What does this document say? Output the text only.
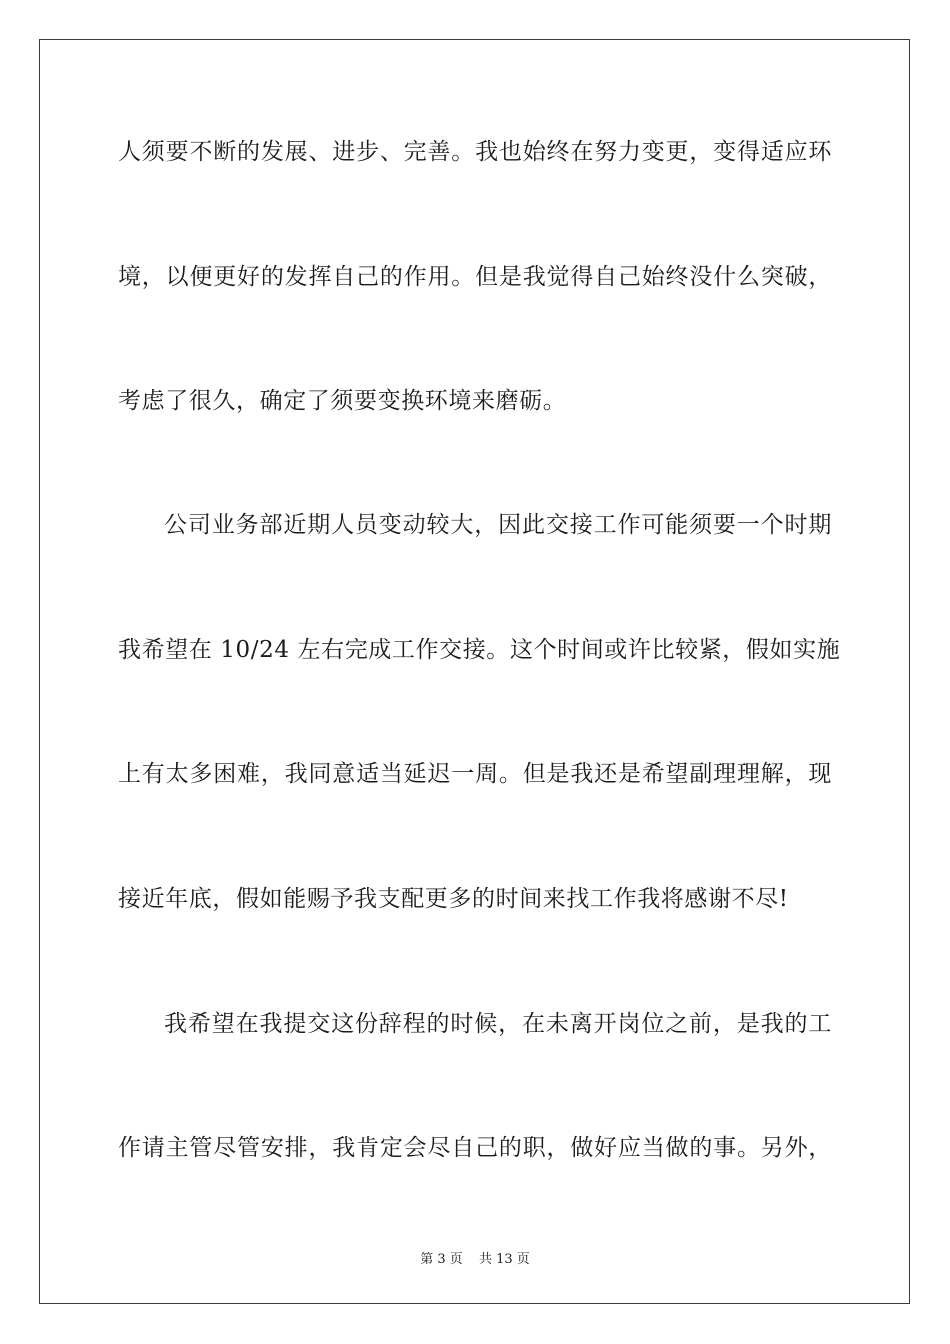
人须要不断的发展、进步、完善。我也始终在努力变更，变得适应环
境，以便更好的发挥自己的作用。但是我觉得自己始终没什么突破，
考虑了很久，确定了须要变换环境来磨砺。
公司业务部近期人员变动较大，因此交接工作可能须要一个时期
我希望在 10/24 左右完成工作交接。这个时间或许比较紧，假如实施
上有太多困难，我同意适当延迟一周。但是我还是希望副理理解，现
接近年底，假如能赐予我支配更多的时间来找工作我将感谢不尽!
我希望在我提交这份辞程的时候，在未离开岗位之前，是我的工
作请主管尽管安排，我肯定会尽自己的职，做好应当做的事。另外，
第 3 页 共 13 页
